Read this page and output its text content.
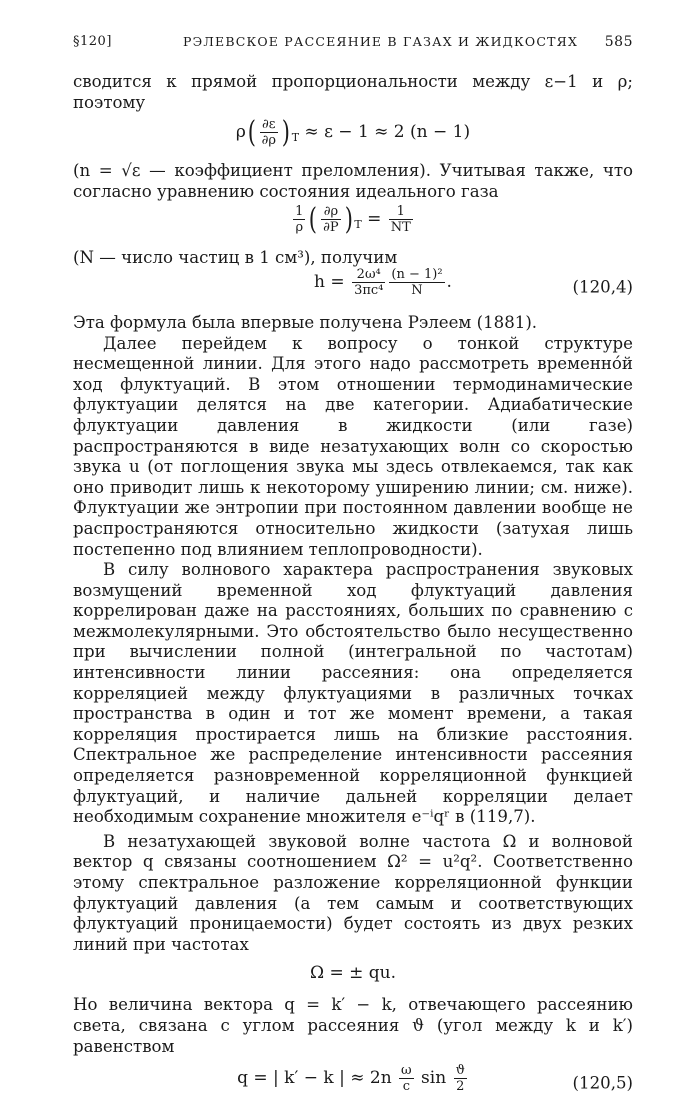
§120]	РЭЛЕВСКОЕ РАССЕЯНИЕ В ГАЗАХ И ЖИДКОСТЯХ 585

сводится к прямой пропорциональности между ε−1 и ρ; поэтому

$\rho( \frac{\partial\varepsilon}{\partial\rho}$ ) $_T$ ≈ ε − 1 ≈ 2 (n − 1)

(n = √ε — коэффициент преломления). Учитывая также, что согласно уравнению состояния идеального газа

$\frac{1}{\rho}$ ( $\frac{\partial\rho}{\partial P}$ ) $_T = \frac{1}{NT}$

(N — число частиц в 1 см³), получим

$h = \frac{\text{2ω⁴}}{\text{3πc⁴}} \frac{\text{(n − 1)²}}{N}$ .	(120,4)

Эта формула была впервые получена Рэлеем (1881).

Далее перейдем к вопросу о тонкой структуре несмещенной линии. Для этого надо рассмотреть временно́й ход флуктуаций. В этом отношении термодинамические флуктуации делятся на две категории. Адиабатические флуктуации давления в жидкости (или газе) распространяются в виде незатухающих волн со скоростью звука u (от поглощения звука мы здесь отвлекаемся, так как оно приводит лишь к некоторому уширению линии; см. ниже). Флуктуации же энтропии при постоянном давлении вообще не распространяются относительно жидкости (затухая лишь постепенно под влиянием теплопроводности).

В силу волнового характера распространения звуковых возмущений временной ход флуктуаций давления коррелирован даже на расстояниях, больших по сравнению с межмолекулярными. Это обстоятельство было несущественно при вычислении полной (интегральной по частотам) интенсивности линии рассеяния: она определяется корреляцией между флуктуациями в различных точках пространства в один и тот же момент времени, а такая корреляция простирается лишь на близкие расстояния. Спектральное же распределение интенсивности рассеяния определяется разновременной корреляционной функцией флуктуаций, и наличие дальней корреляции делает необходимым сохранение множителя e⁻ⁱqʳ в (119,7).

В незатухающей звуковой волне частота Ω и волновой вектор q связаны соотношением Ω² = u²q². Соответственно этому спектральное разложение корреляционной функции флуктуаций давления (а тем самым и соответствующих флуктуаций проницаемости) будет состоять из двух резких линий при частотах

Ω = ± qu.

Но величина вектора q = k′ − k, отвечающего рассеянию света, связана с углом рассеяния ϑ (угол между k и k′) равенством

q = | k′ − k | ≈ $2n \frac{\omega}{c}$ $\sin \frac{ϑ}{2}$	(120,5)
